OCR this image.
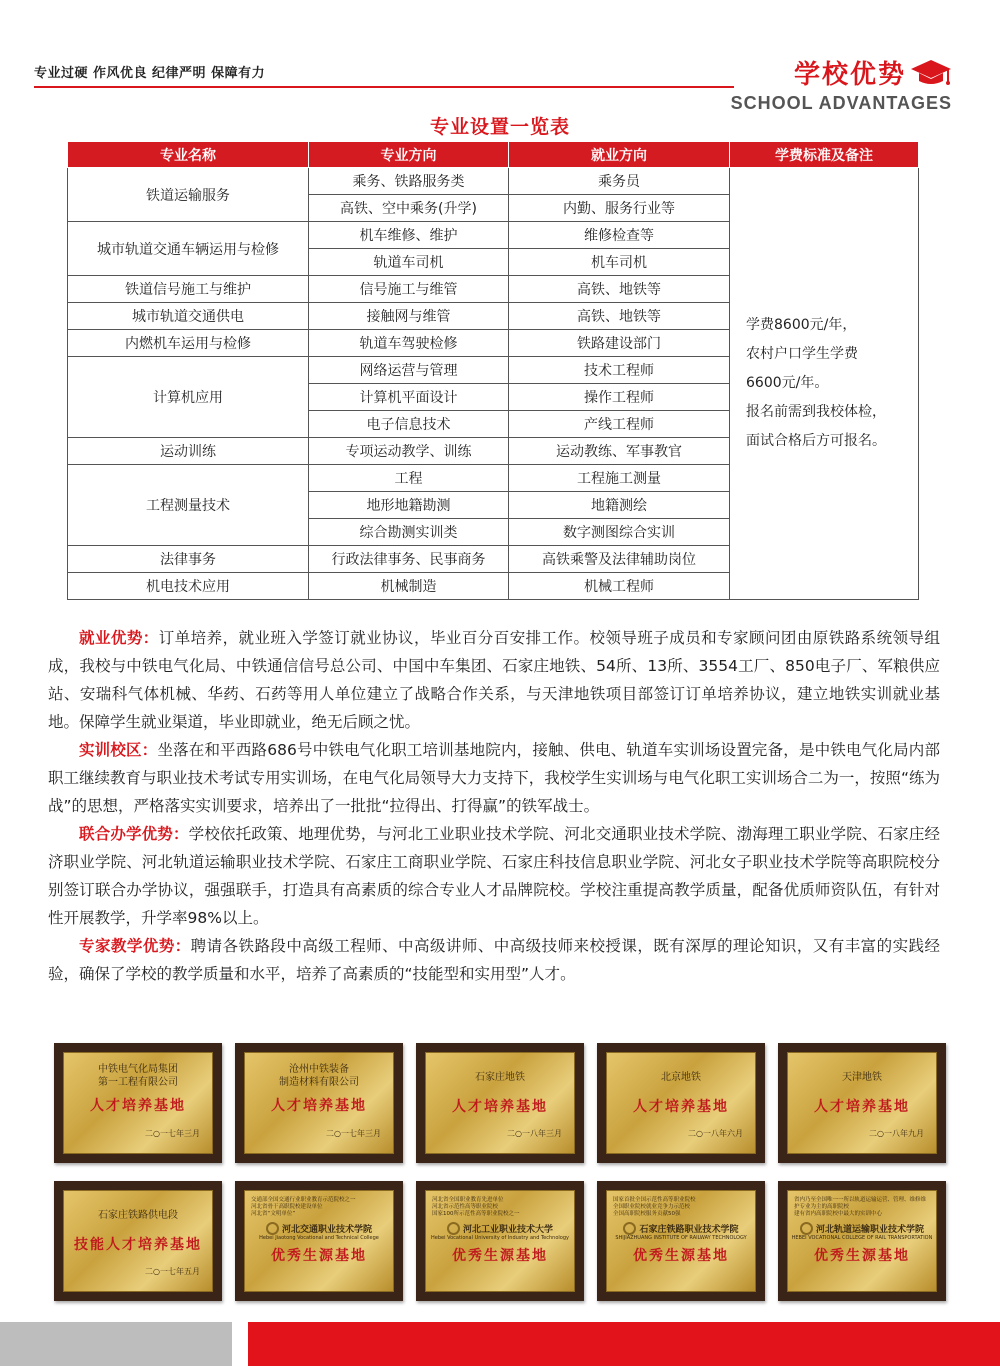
专业过硬 作风优良 纪律严明 保障有力	学校优势
SCHOOL ADVANTAGES
专业设置一览表
专业名称	专业方向	就业方向	学费标准及备注
铁道运输服务	乘务、铁路服务类	乘务员	学费8600元/年，
农村户口学生学费
6600元/年。
报名前需到我校体检，
面试合格后方可报名。

	高铁、空中乘务(升学)	内勤、服务行业等	
城市轨道交通车辆运用与检修	机车维修、维护	维修检查等	
	轨道车司机	机车司机	
铁道信号施工与维护	信号施工与维管	高铁、地铁等	
城市轨道交通供电	接触网与维管	高铁、地铁等	
内燃机车运用与检修	轨道车驾驶检修	铁路建设部门	
计算机应用	网络运营与管理	技术工程师	
	计算机平面设计	操作工程师	
	电子信息技术	产线工程师	
运动训练	专项运动教学、训练	运动教练、军事教官	
工程测量技术	工程	工程施工测量	
	地形地籍勘测	地籍测绘	
	综合勘测实训类	数字测图综合实训	
法律事务	行政法律事务、民事商务	高铁乘警及法律辅助岗位	
机电技术应用	机械制造	机械工程师	

就业优势：订单培养，就业班入学签订就业协议，毕业百分百安排工作。校领导班子成员和专家顾问团由原铁路系统领导组成，我校与中铁电气化局、中铁通信信号总公司、中国中车集团、石家庄地铁、54所、13所、3554工厂、850电子厂、军粮供应站、安瑞科气体机械、华药、石药等用人单位建立了战略合作关系，与天津地铁项目部签订订单培养协议，建立地铁实训就业基地。保障学生就业渠道，毕业即就业，绝无后顾之忧。

实训校区：坐落在和平西路686号中铁电气化职工培训基地院内，接触、供电、轨道车实训场设置完备，是中铁电气化局内部职工继续教育与职业技术考试专用实训场，在电气化局领导大力支持下，我校学生实训场与电气化职工实训场合二为一，按照“练为战”的思想，严格落实实训要求，培养出了一批批“拉得出、打得赢”的铁军战士。

联合办学优势：学校依托政策、地理优势，与河北工业职业技术学院、河北交通职业技术学院、渤海理工职业学院、石家庄经济职业学院、河北轨道运输职业技术学院、石家庄工商职业学院、石家庄科技信息职业学院、河北女子职业技术学院等高职院校分别签订联合办学协议，强强联手，打造具有高素质的综合专业人才品牌院校。学校注重提高教学质量，配备优质师资队伍，有针对性开展教学，升学率98%以上。

专家教学优势：聘请各铁路段中高级工程师、中高级讲师、中高级技师来校授课，既有深厚的理论知识，又有丰富的实践经验，确保了学校的教学质量和水平，培养了高素质的“技能型和实用型”人才。

中铁电气化局集团
第一工程有限公司
人才培养基地
二○一七年三月
沧州中铁装备
制造材料有限公司
人才培养基地
二○一七年三月
石家庄地铁
人才培养基地
二○一八年三月
北京地铁
人才培养基地
二○一八年六月
天津地铁
人才培养基地
二○一八年九月
石家庄铁路供电段
技能人才培养基地
二○一七年五月
交通部全国交通行业职业教育示范院校之一
河北省骨干高职院校建设单位
河北省“文明单位”
河北交通职业技术学院
Hebei Jiaotong Vocational and Technical College
优秀生源基地
河北省全国职业教育先进单位
河北省示范性高等职业院校
国家100所示范性高等职业院校之一
河北工业职业技术大学
Hebei Vocational University of Industry and Technology
优秀生源基地
国家首批全国示范性高等职业院校
全国职业院校就业竞争力示范校
全国高职院校服务贡献50强
石家庄铁路职业技术学院
SHIJIAZHUANG INSTITUTE OF RAILWAY TECHNOLOGY
优秀生源基地
省内乃至全国唯一一所以轨道运输运营、管理、维修维护专业为主的高职院校
建有省内高职院校中最大的实训中心
河北轨道运输职业技术学院
HEBEI VOCATIONAL COLLEGE OF RAIL TRANSPORTATION
优秀生源基地
